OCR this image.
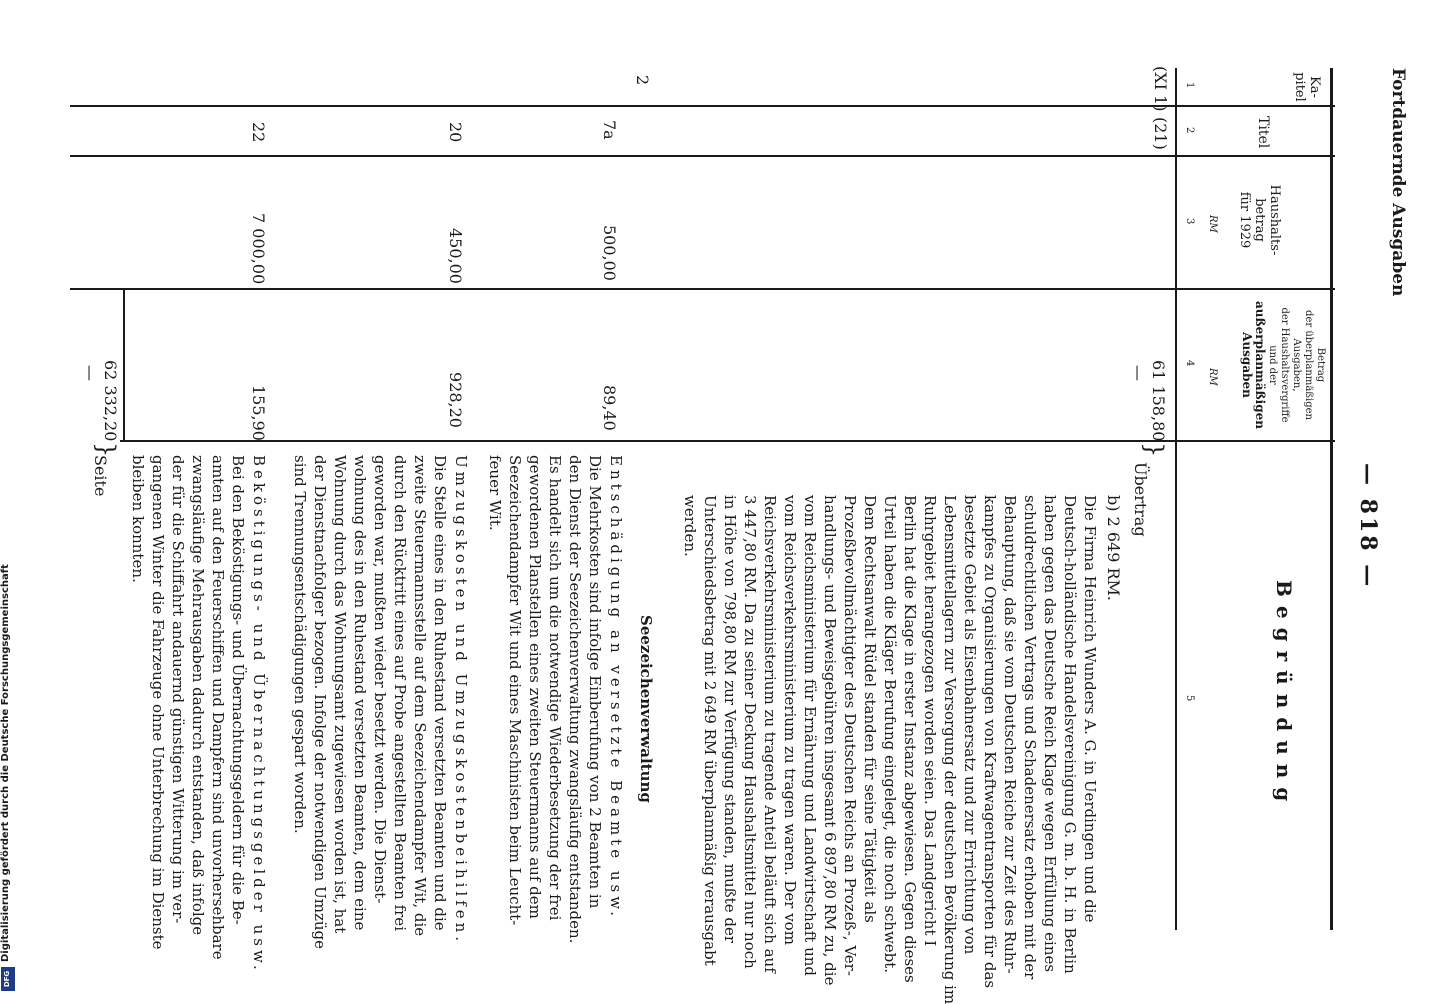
Fortdauernde Ausgaben
— 818 —
2	Ka-
pitel
Titel
Haushalts-
betrag
für 1929
RM
Betrag
der überplanmäßigen
Ausgaben,
der Haushaltsvergriffe
und der
außerplanmäßigen
Ausgaben
RM
Begründung
1
2
3
4
5
(XI 1)
(21)
61 158,80
—
}
7a
500,00
89,40
20
450,00
928,20
22
7 000,00
155,90
62 332,20
—
}
Übertrag
b) 2 649 RM.
Die Firma Heinrich Wunders A. G. in Uerdingen und die
Deutsch-holländische Handelsvereinigung G. m. b. H. in Berlin
haben gegen das Deutsche Reich Klage wegen Erfüllung eines
schuldrechtlichen Vertrags und Schadenersatz erhoben mit der
Behauptung, daß sie vom Deutschen Reiche zur Zeit des Ruhr-
kampfes zu Organisierungen von Kraftwagentransporten für das
besetzte Gebiet als Eisenbahnersatz und zur Errichtung von
Lebensmittellagern zur Versorgung der deutschen Bevölkerung im
Ruhrgebiet herangezogen worden seien. Das Landgericht I
Berlin hat die Klage in erster Instanz abgewiesen. Gegen dieses
Urteil haben die Kläger Berufung eingelegt, die noch schwebt.
Dem Rechtsanwalt Rüdel standen für seine Tätigkeit als
Prozeßbevollmächtigter des Deutschen Reichs an Prozeß-, Ver-
handlungs- und Beweisgebühren insgesamt 6 897,80 RM zu, die
vom Reichsministerium für Ernährung und Landwirtschaft und
vom Reichsverkehrsministerium zu tragen waren. Der vom
Reichsverkehrsministerium zu tragende Anteil beläuft sich auf
3 447,80 RM. Da zu seiner Deckung Haushaltsmittel nur noch
in Höhe von 798,80 RM zur Verfügung standen, mußte der
Unterschiedsbetrag mit 2 649 RM überplanmäßig verausgabt
werden.
Seezeichenverwaltung
Entschädigung an versetzte Beamte usw.
Die Mehrkosten sind infolge Einberufung von 2 Beamten in
den Dienst der Seezeichenverwaltung zwangsläufig entstanden.
Es handelt sich um die notwendige Wiederbesetzung der frei
gewordenen Planstellen eines zweiten Steuermanns auf dem
Seezeichendampfer Wit und eines Maschinisten beim Leucht-
feuer Wit.
Umzugskosten und Umzugskostenbeihilfen.
Die Stelle eines in den Ruhestand versetzten Beamten und die
zweite Steuermannsstelle auf dem Seezeichendampfer Wit, die
durch den Rücktritt eines auf Probe angestellten Beamten frei
geworden war, mußten wieder besetzt werden. Die Dienst-
wohnung des in den Ruhestand versetzten Beamten, dem eine
Wohnung durch das Wohnungsamt zugewiesen worden ist, hat
der Dienstnachfolger bezogen. Infolge der notwendigen Umzüge
sind Trennungsentschädigungen gespart worden.
Beköstigungs- und Übernachtungsgelder usw.
Bei den Beköstigungs- und Übernachtungsgeldern für die Be-
amten auf den Feuerschiffen und Dampfern sind unvorhersehbare
zwangsläufige Mehrausgaben dadurch entstanden, daß infolge
der für die Schiffahrt andauernd günstigen Witterung im ver-
gangenen Winter die Fahrzeuge ohne Unterbrechung im Dienste
bleiben konnten.
Seite
Digitalisierung gefördert durch die Deutsche Forschungsgemeinschaft
DFG
